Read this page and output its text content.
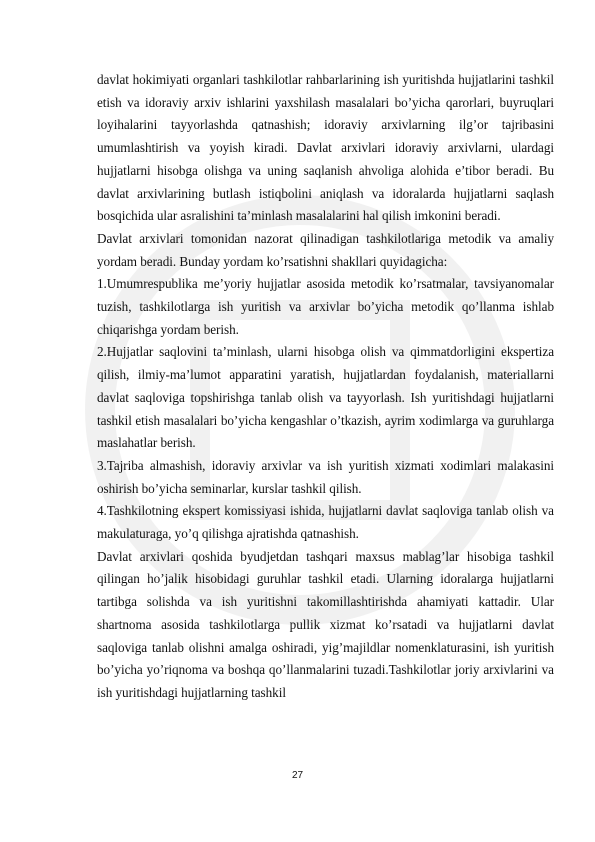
davlat hokimiyati organlari tashkilotlar rahbarlarining ish yuritishda hujjatlarini tashkil etish va idoraviy arxiv ishlarini yaxshilash masalalari bo’yicha qarorlari, buyruqlari loyihalarini tayyorlashda qatnashish; idoraviy arxivlarning ilg’or tajribasini umumlashtirish va yoyish kiradi. Davlat arxivlari idoraviy arxivlarni, ulardagi hujjatlarni hisobga olishga va uning saqlanish ahvoliga alohida e’tibor beradi. Bu davlat arxivlarining butlash istiqbolini aniqlash va idoralarda hujjatlarni saqlash bosqichida ular asralishini ta’minlash masalalarini hal qilish imkonini beradi.

Davlat arxivlari tomonidan nazorat qilinadigan tashkilotlariga metodik va amaliy yordam beradi. Bunday yordam ko’rsatishni shakllari quyidagicha:

1.Umumrespublika me’yoriy hujjatlar asosida metodik ko’rsatmalar, tavsiyanomalar tuzish, tashkilotlarga ish yuritish va arxivlar bo’yicha metodik qo’llanma ishlab chiqarishga yordam berish.

2.Hujjatlar saqlovini ta’minlash, ularni hisobga olish va qimmatdorligini ekspertiza qilish, ilmiy-ma’lumot apparatini yaratish, hujjatlardan foydalanish, materiallarni davlat saqloviga topshirishga tanlab olish va tayyorlash. Ish yuritishdagi hujjatlarni tashkil etish masalalari bo’yicha kengashlar o’tkazish, ayrim xodimlarga va guruhlarga maslahatlar berish.

3.Tajriba almashish, idoraviy arxivlar va ish yuritish xizmati xodimlari malakasini oshirish bo’yicha seminarlar, kurslar tashkil qilish.

4.Tashkilotning ekspert komissiyasi ishida, hujjatlarni davlat saqloviga tanlab olish va makulaturaga, yo’q qilishga ajratishda qatnashish.

Davlat arxivlari qoshida byudjetdan tashqari maxsus mablag’lar hisobiga tashkil qilingan ho’jalik hisobidagi guruhlar tashkil etadi. Ularning idoralarga hujjatlarni tartibga solishda va ish yuritishni takomillashtirishda ahamiyati kattadir. Ular shartnoma asosida tashkilotlarga pullik xizmat ko’rsatadi va hujjatlarni davlat saqloviga tanlab olishni amalga oshiradi, yig’majildlar nomenklaturasini, ish yuritish bo’yicha yo’riqnoma va boshqa qo’llanmalarini tuzadi.Tashkilotlar joriy arxivlarini va ish yuritishdagi hujjatlarning tashkil

27
